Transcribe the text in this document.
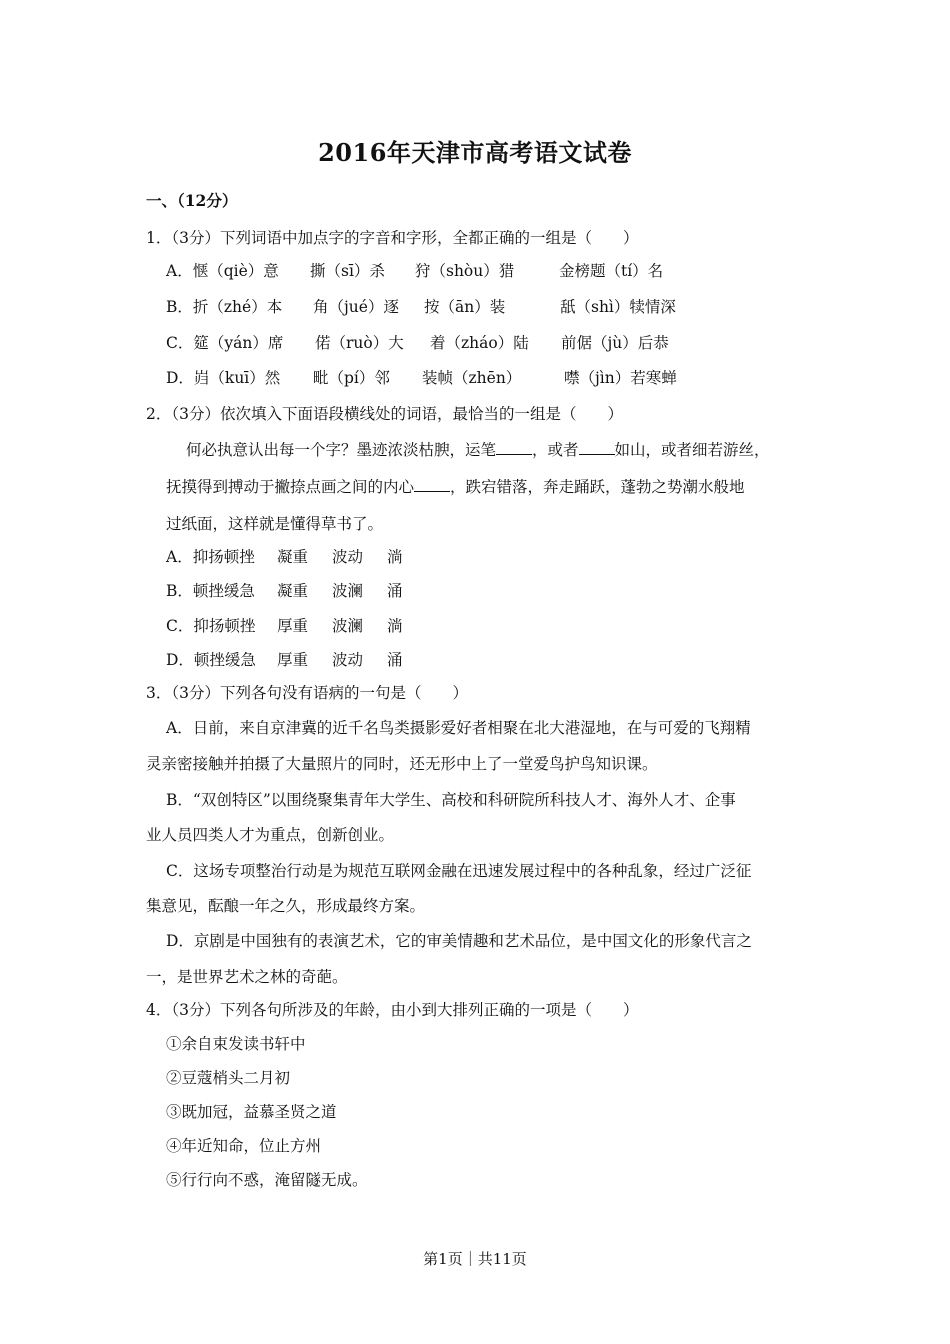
2016年天津市高考语文试卷
一、（12分）
1．（3分）下列词语中加点字的字音和字形，全都正确的一组是（　　）
A．惬（qiè）意 撕（sī）杀 狩（shòu）猎	金榜题（tí）名
B．折（zhé）本 角（jué）逐 按（ān）装	舐（shì）犊情深
C．筵（yán）席 偌（ruò）大 着（zháo）陆 前倨（jù）后恭
D．岿（kuī）然 毗（pí）邻 装帧（zhēn）	噤（jìn）若寒蝉
2．（3分）依次填入下面语段横线处的词语，最恰当的一组是（　　）
何必执意认出每一个字？墨迹浓淡枯腴，运笔 ，或者 如山，或者细若游丝，
抚摸得到搏动于撇捺点画之间的内心 ，跌宕错落，奔走踊跃，蓬勃之势潮水般地
过纸面，这样就是懂得草书了。
A．抑扬顿挫 凝重 波动 淌
B．顿挫缓急 凝重 波澜 涌
C．抑扬顿挫 厚重 波澜 淌
D．顿挫缓急 厚重 波动 涌
3．（3分）下列各句没有语病的一句是（　　）
A．日前，来自京津冀的近千名鸟类摄影爱好者相聚在北大港湿地，在与可爱的飞翔精
灵亲密接触并拍摄了大量照片的同时，还无形中上了一堂爱鸟护鸟知识课。
B．“双创特区”以围绕聚集青年大学生、高校和科研院所科技人才、海外人才、企事
业人员四类人才为重点，创新创业。
C．这场专项整治行动是为规范互联网金融在迅速发展过程中的各种乱象，经过广泛征
集意见，酝酿一年之久，形成最终方案。
D．京剧是中国独有的表演艺术，它的审美情趣和艺术品位，是中国文化的形象代言之
一，是世界艺术之林的奇葩。
4．（3分）下列各句所涉及的年龄，由小到大排列正确的一项是（　　）
①余自束发读书轩中
②豆蔻梢头二月初
③既加冠，益慕圣贤之道
④年近知命，位止方州
⑤行行向不惑，淹留隧无成。
第1页｜共11页
